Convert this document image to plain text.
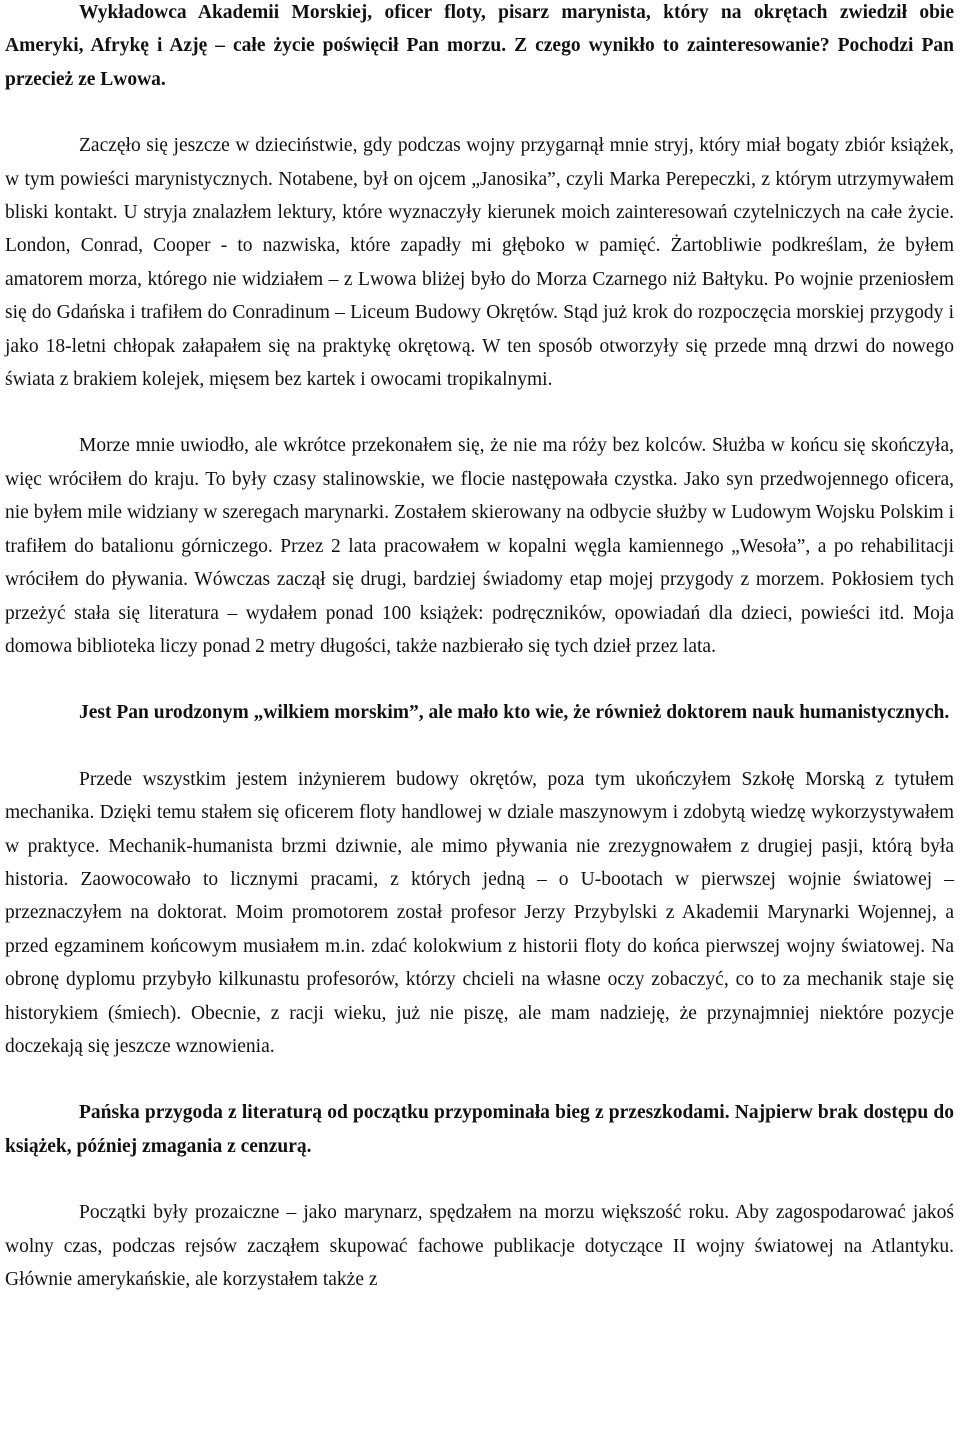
Wykładowca Akademii Morskiej, oficer floty, pisarz marynista, który na okrętach zwiedził obie Ameryki, Afrykę i Azję – całe życie poświęcił Pan morzu. Z czego wynikło to zainteresowanie? Pochodzi Pan przecież ze Lwowa.

Zaczęło się jeszcze w dzieciństwie, gdy podczas wojny przygarnął mnie stryj, który miał bogaty zbiór książek, w tym powieści marynistycznych. Notabene, był on ojcem „Janosika”, czyli Marka Perepeczki, z którym utrzymywałem bliski kontakt. U stryja znalazłem lektury, które wyznaczyły kierunek moich zainteresowań czytelniczych na całe życie. London, Conrad, Cooper - to nazwiska, które zapadły mi głęboko w pamięć. Żartobliwie podkreślam, że byłem amatorem morza, którego nie widziałem – z Lwowa bliżej było do Morza Czarnego niż Bałtyku. Po wojnie przeniosłem się do Gdańska i trafiłem do Conradinum – Liceum Budowy Okrętów. Stąd już krok do rozpoczęcia morskiej przygody i jako 18-letni chłopak załapałem się na praktykę okrętową. W ten sposób otworzyły się przede mną drzwi do nowego świata z brakiem kolejek, mięsem bez kartek i owocami tropikalnymi.

Morze mnie uwiodło, ale wkrótce przekonałem się, że nie ma róży bez kolców. Służba w końcu się skończyła, więc wróciłem do kraju. To były czasy stalinowskie, we flocie następowała czystka. Jako syn przedwojennego oficera, nie byłem mile widziany w szeregach marynarki. Zostałem skierowany na odbycie służby w Ludowym Wojsku Polskim i trafiłem do batalionu górniczego. Przez 2 lata pracowałem w kopalni węgla kamiennego „Wesoła”, a po rehabilitacji wróciłem do pływania. Wówczas zaczął się drugi, bardziej świadomy etap mojej przygody z morzem. Pokłosiem tych przeżyć stała się literatura – wydałem ponad 100 książek: podręczników, opowiadań dla dzieci, powieści itd. Moja domowa biblioteka liczy ponad 2 metry długości, także nazbierało się tych dzieł przez lata.

Jest Pan urodzonym „wilkiem morskim”, ale mało kto wie, że również doktorem nauk humanistycznych.

Przede wszystkim jestem inżynierem budowy okrętów, poza tym ukończyłem Szkołę Morską z tytułem mechanika. Dzięki temu stałem się oficerem floty handlowej w dziale maszynowym i zdobytą wiedzę wykorzystywałem w praktyce. Mechanik-humanista brzmi dziwnie, ale mimo pływania nie zrezygnowałem z drugiej pasji, którą była historia. Zaowocowało to licznymi pracami, z których jedną – o U-bootach w pierwszej wojnie światowej – przeznaczyłem na doktorat. Moim promotorem został profesor Jerzy Przybylski z Akademii Marynarki Wojennej, a przed egzaminem końcowym musiałem m.in. zdać kolokwium z historii floty do końca pierwszej wojny światowej. Na obronę dyplomu przybyło kilkunastu profesorów, którzy chcieli na własne oczy zobaczyć, co to za mechanik staje się historykiem (śmiech). Obecnie, z racji wieku, już nie piszę, ale mam nadzieję, że przynajmniej niektóre pozycje doczekają się jeszcze wznowienia.

Pańska przygoda z literaturą od początku przypominała bieg z przeszkodami. Najpierw brak dostępu do książek, później zmagania z cenzurą.

Początki były prozaiczne – jako marynarz, spędzałem na morzu większość roku. Aby zagospodarować jakoś wolny czas, podczas rejsów zacząłem skupować fachowe publikacje dotyczące II wojny światowej na Atlantyku. Głównie amerykańskie, ale korzystałem także z
